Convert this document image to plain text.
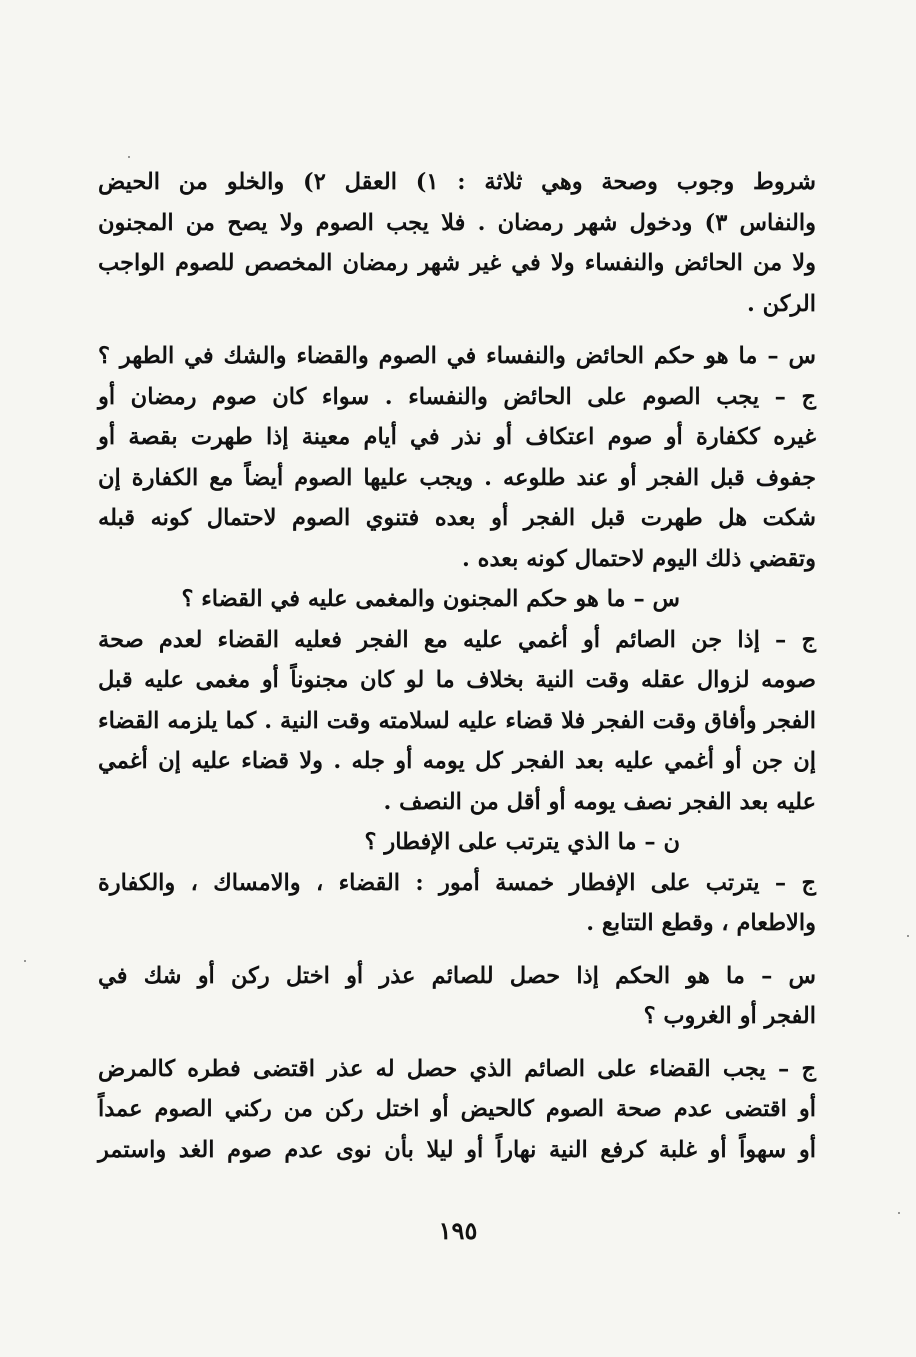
شروط وجوب وصحة وهي ثلاثة : ١) العقل ٢) والخلو من الحيض
والنفاس ٣) ودخول شهر رمضان . فلا يجب الصوم ولا يصح من المجنون
ولا من الحائض والنفساء ولا في غير شهر رمضان المخصص للصوم الواجب
الركن .
س – ما هو حكم الحائض والنفساء في الصوم والقضاء والشك في الطهر ؟
ج – يجب الصوم على الحائض والنفساء . سواء كان صوم رمضان أو
غيره ككفارة أو صوم اعتكاف أو نذر في أيام معينة إذا طهرت بقصة أو
جفوف قبل الفجر أو عند طلوعه . ويجب عليها الصوم أيضاً مع الكفارة إن
شكت هل طهرت قبل الفجر أو بعده فتنوي الصوم لاحتمال كونه قبله
وتقضي ذلك اليوم لاحتمال كونه بعده .
س – ما هو حكم المجنون والمغمى عليه في القضاء ؟
ج – إذا جن الصائم أو أغمي عليه مع الفجر فعليه القضاء لعدم صحة
صومه لزوال عقله وقت النية بخلاف ما لو كان مجنوناً أو مغمى عليه قبل
الفجر وأفاق وقت الفجر فلا قضاء عليه لسلامته وقت النية . كما يلزمه القضاء
إن جن أو أغمي عليه بعد الفجر كل يومه أو جله . ولا قضاء عليه إن أغمي
عليه بعد الفجر نصف يومه أو أقل من النصف .
ن – ما الذي يترتب على الإفطار ؟
ج – يترتب على الإفطار خمسة أمور : القضاء ، والامساك ، والكفارة
والاطعام ، وقطع التتابع .
س – ما هو الحكم إذا حصل للصائم عذر أو اختل ركن أو شك في
الفجر أو الغروب ؟
ج – يجب القضاء على الصائم الذي حصل له عذر اقتضى فطره كالمرض
أو اقتضى عدم صحة الصوم كالحيض أو اختل ركن من ركني الصوم عمداً
أو سهواً أو غلبة كرفع النية نهاراً أو ليلا بأن نوى عدم صوم الغد واستمر
١٩٥
